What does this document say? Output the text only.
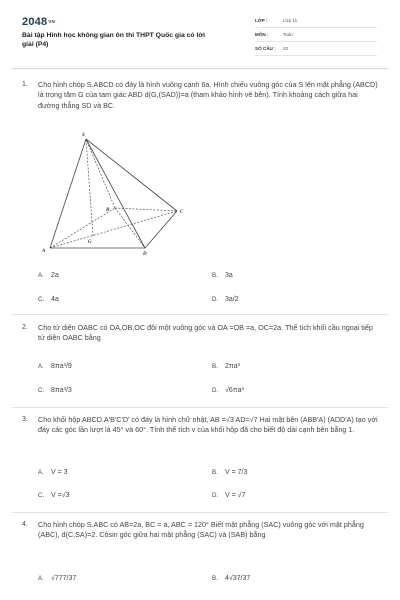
$2048^{VN}$
Bài tập Hình học không gian ôn thi THPT Quốc gia có lời giải (P4)
LỚP :	Lớp 11
MÔN :	Toán
SỐ CÂU :	20
1. Cho hình chóp S.ABCD có đáy là hình vuông cạnh 6a. Hình chiếu vuông góc của S lên mặt phẳng (ABCD) là trọng tâm G của tam giác ABD d(G,(SAD))=a (tham khảo hình vẽ bên). Tính khoảng cách giữa hai đường thẳng SD và BC.
S
A
B	C
D
G
A. 2a	B. 3a
C. 4a	D. 3a/2
2. Cho tứ diện OABC có OA,OB,OC đôi một vuông góc và OA =OB =a, OC=2a. Thể tích khối cầu ngoại tiếp tứ diện OABC bằng
A. 8πa³/9	B. 2πa³
C. 8πa³/3	D. √6πa³
3. Cho khối hộp ABCD.A'B'C'D' có đáy là hình chữ nhật, AB =√3 AD=√7 Hai mặt bên (ABB'A) (ADD'A) tạo với đáy các góc lần lượt là 45° và 60°. Tính thể tích v của khối hộp đã cho biết độ dài cạnh bên bằng 1.
A. V = 3	B. V = 7/3
C. V =√3	D. V = √7
4. Cho hình chóp S.ABC có AB=2a, BC = a, ABC = 120° Biết mặt phẳng (SAC) vuông góc với mặt phẳng (ABC), d(C,SA)=2. Côsin góc giữa hai mặt phẳng (SAC) và (SAB) bằng
A. √777/37	B. 4√37/37
